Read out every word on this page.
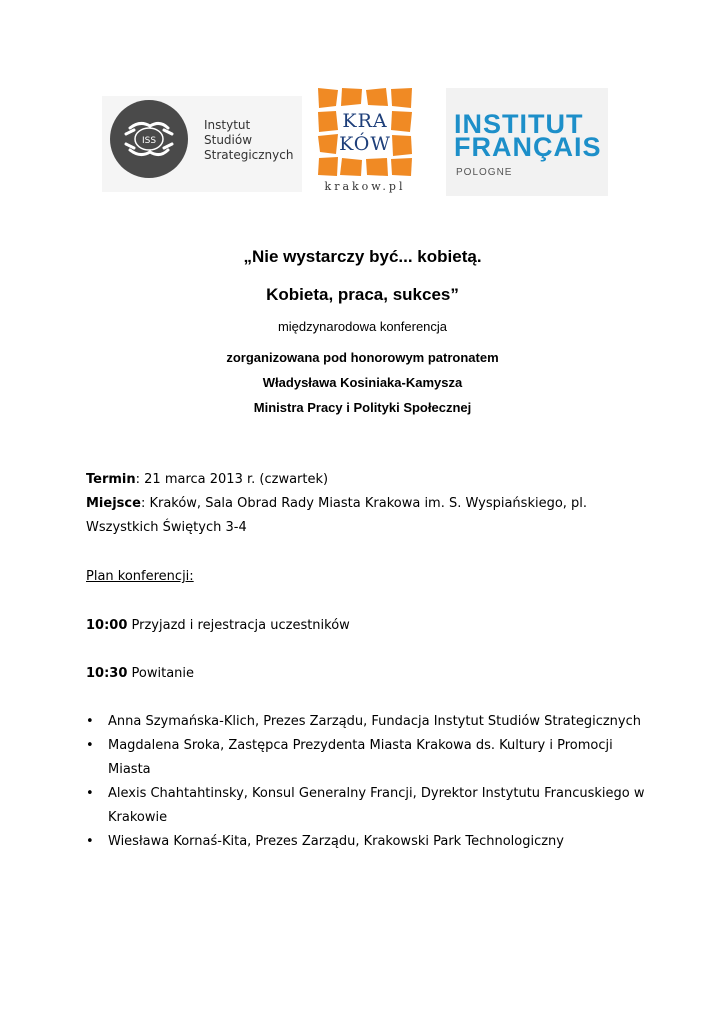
ISS
Instytut
Studiów
Strategicznych
KRA
KÓW
krakow.pl
INSTITUT
FRANÇAIS
POLOGNE
„Nie wystarczy być... kobietą.
Kobieta, praca, sukces”
międzynarodowa konferencja
zorganizowana pod honorowym patronatem
Władysława Kosiniaka-Kamysza
Ministra Pracy i Polityki Społecznej
Termin: 21 marca 2013 r. (czwartek)
Miejsce: Kraków, Sala Obrad Rady Miasta Krakowa im. S. Wyspiańskiego, pl. Wszystkich Świętych 3-4
Plan konferencji:
10:00 Przyjazd i rejestracja uczestników
10:30 Powitanie
• Anna Szymańska-Klich, Prezes Zarządu, Fundacja Instytut Studiów Strategicznych
• Magdalena Sroka, Zastępca Prezydenta Miasta Krakowa ds. Kultury i Promocji Miasta
• Alexis Chahtahtinsky, Konsul Generalny Francji, Dyrektor Instytutu Francuskiego w Krakowie
• Wiesława Kornaś-Kita, Prezes Zarządu, Krakowski Park Technologiczny
